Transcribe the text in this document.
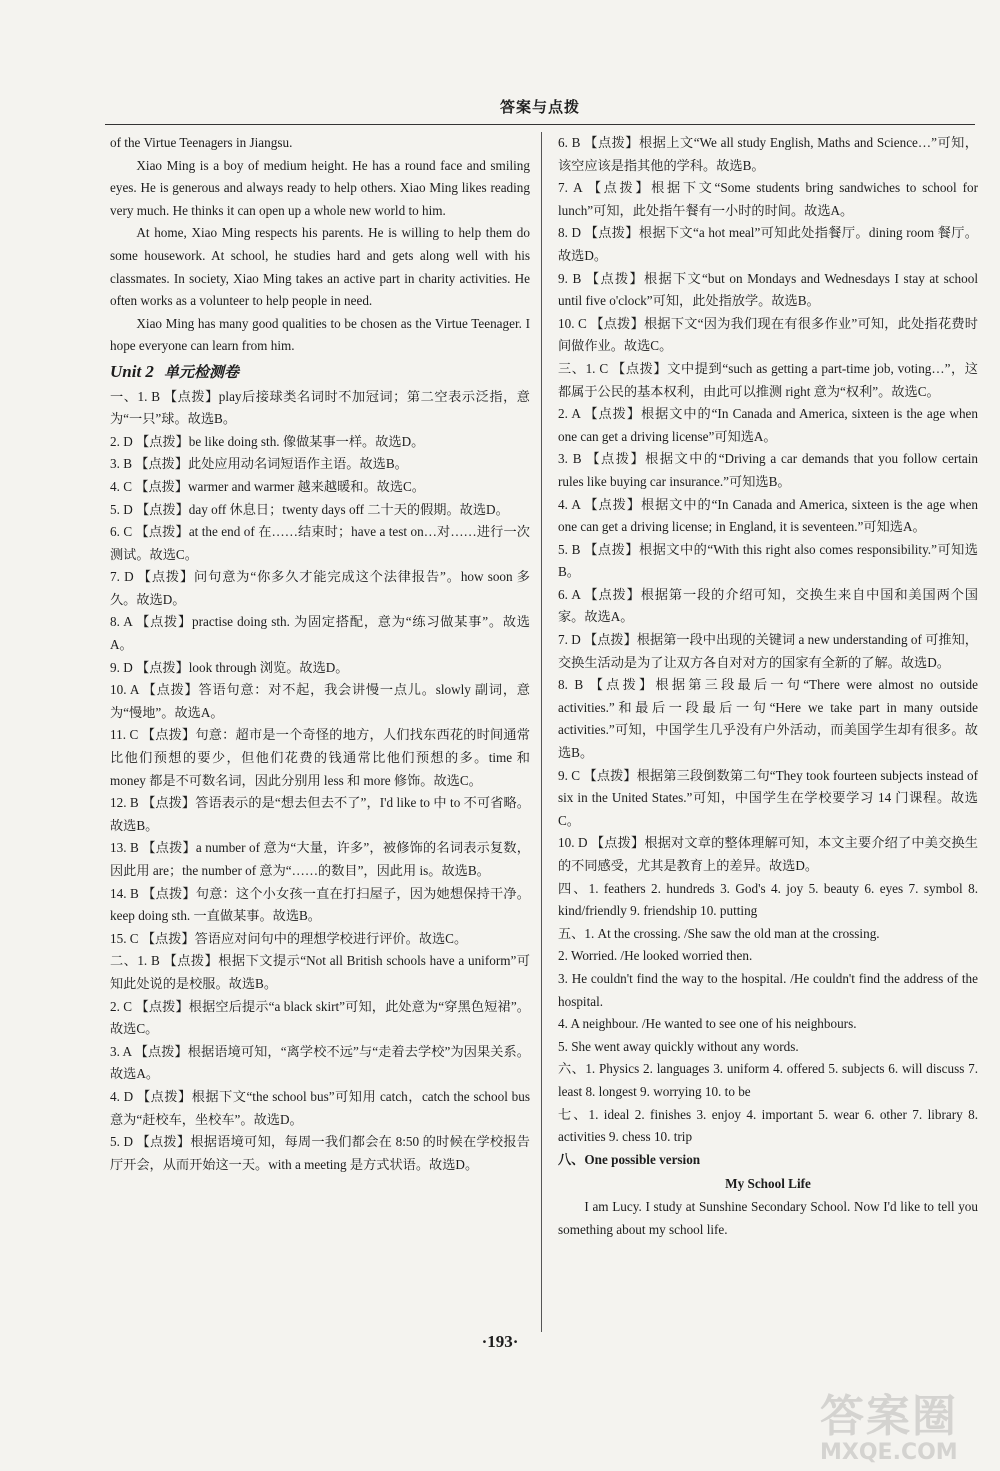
答案与点拨

of the Virtue Teenagers in Jiangsu.

Xiao Ming is a boy of medium height. He has a round face and smiling eyes. He is generous and always ready to help others. Xiao Ming likes reading very much. He thinks it can open up a whole new world to him.

At home, Xiao Ming respects his parents. He is willing to help them do some housework. At school, he studies hard and gets along well with his classmates. In society, Xiao Ming takes an active part in charity activities. He often works as a volunteer to help people in need.

Xiao Ming has many good qualities to be chosen as the Virtue Teenager. I hope everyone can learn from him.

Unit 2 单元检测卷

一、1. B 【点拨】play后接球类名词时不加冠词；第二空表示泛指，意为“一只”球。故选B。

2. D 【点拨】be like doing sth. 像做某事一样。故选D。

3. B 【点拨】此处应用动名词短语作主语。故选B。

4. C 【点拨】warmer and warmer 越来越暖和。故选C。

5. D 【点拨】day off 休息日；twenty days off 二十天的假期。故选D。

6. C 【点拨】at the end of 在……结束时；have a test on…对……进行一次测试。故选C。

7. D 【点拨】问句意为“你多久才能完成这个法律报告”。how soon 多久。故选D。

8. A 【点拨】practise doing sth. 为固定搭配，意为“练习做某事”。故选A。

9. D 【点拨】look through 浏览。故选D。

10. A 【点拨】答语句意：对不起，我会讲慢一点儿。slowly 副词，意为“慢地”。故选A。

11. C 【点拨】句意：超市是一个奇怪的地方，人们找东西花的时间通常比他们预想的要少，但他们花费的钱通常比他们预想的多。time 和 money 都是不可数名词，因此分别用 less 和 more 修饰。故选C。

12. B 【点拨】答语表示的是“想去但去不了”，I'd like to 中 to 不可省略。故选B。

13. B 【点拨】a number of 意为“大量，许多”，被修饰的名词表示复数，因此用 are；the number of 意为“……的数目”，因此用 is。故选B。

14. B 【点拨】句意：这个小女孩一直在打扫屋子，因为她想保持干净。keep doing sth. 一直做某事。故选B。

15. C 【点拨】答语应对问句中的理想学校进行评价。故选C。

二、1. B 【点拨】根据下文提示“Not all British schools have a uniform”可知此处说的是校服。故选B。

2. C 【点拨】根据空后提示“a black skirt”可知，此处意为“穿黑色短裙”。故选C。

3. A 【点拨】根据语境可知，“离学校不远”与“走着去学校”为因果关系。故选A。

4. D 【点拨】根据下文“the school bus”可知用 catch，catch the school bus 意为“赶校车，坐校车”。故选D。

5. D 【点拨】根据语境可知，每周一我们都会在 8:50 的时候在学校报告厅开会，从而开始这一天。with a meeting 是方式状语。故选D。

6. B 【点拨】根据上文“We all study English, Maths and Science…”可知，该空应该是指其他的学科。故选B。

7. A 【点拨】根据下文“Some students bring sandwiches to school for lunch”可知，此处指午餐有一小时的时间。故选A。

8. D 【点拨】根据下文“a hot meal”可知此处指餐厅。dining room 餐厅。故选D。

9. B 【点拨】根据下文“but on Mondays and Wednesdays I stay at school until five o'clock”可知，此处指放学。故选B。

10. C 【点拨】根据下文“因为我们现在有很多作业”可知，此处指花费时间做作业。故选C。

三、1. C 【点拨】文中提到“such as getting a part-time job, voting…”，这都属于公民的基本权利，由此可以推测 right 意为“权利”。故选C。

2. A 【点拨】根据文中的“In Canada and America, sixteen is the age when one can get a driving license”可知选A。

3. B 【点拨】根据文中的“Driving a car demands that you follow certain rules like buying car insurance.”可知选B。

4. A 【点拨】根据文中的“In Canada and America, sixteen is the age when one can get a driving license; in England, it is seventeen.”可知选A。

5. B 【点拨】根据文中的“With this right also comes responsibility.”可知选B。

6. A 【点拨】根据第一段的介绍可知，交换生来自中国和美国两个国家。故选A。

7. D 【点拨】根据第一段中出现的关键词 a new understanding of 可推知，交换生活动是为了让双方各自对对方的国家有全新的了解。故选D。

8. B 【点拨】根据第三段最后一句“There were almost no outside activities.”和最后一段最后一句“Here we take part in many outside activities.”可知，中国学生几乎没有户外活动，而美国学生却有很多。故选B。

9. C 【点拨】根据第三段倒数第二句“They took fourteen subjects instead of six in the United States.”可知，中国学生在学校要学习 14 门课程。故选C。

10. D 【点拨】根据对文章的整体理解可知，本文主要介绍了中美交换生的不同感受，尤其是教育上的差异。故选D。

四、1. feathers 2. hundreds 3. God's 4. joy 5. beauty 6. eyes 7. symbol 8. kind/friendly 9. friendship 10. putting

五、1. At the crossing. /She saw the old man at the crossing.

2. Worried. /He looked worried then.

3. He couldn't find the way to the hospital. /He couldn't find the address of the hospital.

4. A neighbour. /He wanted to see one of his neighbours.

5. She went away quickly without any words.

六、1. Physics 2. languages 3. uniform 4. offered 5. subjects 6. will discuss 7. least 8. longest 9. worrying 10. to be

七、1. ideal 2. finishes 3. enjoy 4. important 5. wear 6. other 7. library 8. activities 9. chess 10. trip

八、One possible version

My School Life

I am Lucy. I study at Sunshine Secondary School. Now I'd like to tell you something about my school life.

·193·
答案圈
MXQE.COM
